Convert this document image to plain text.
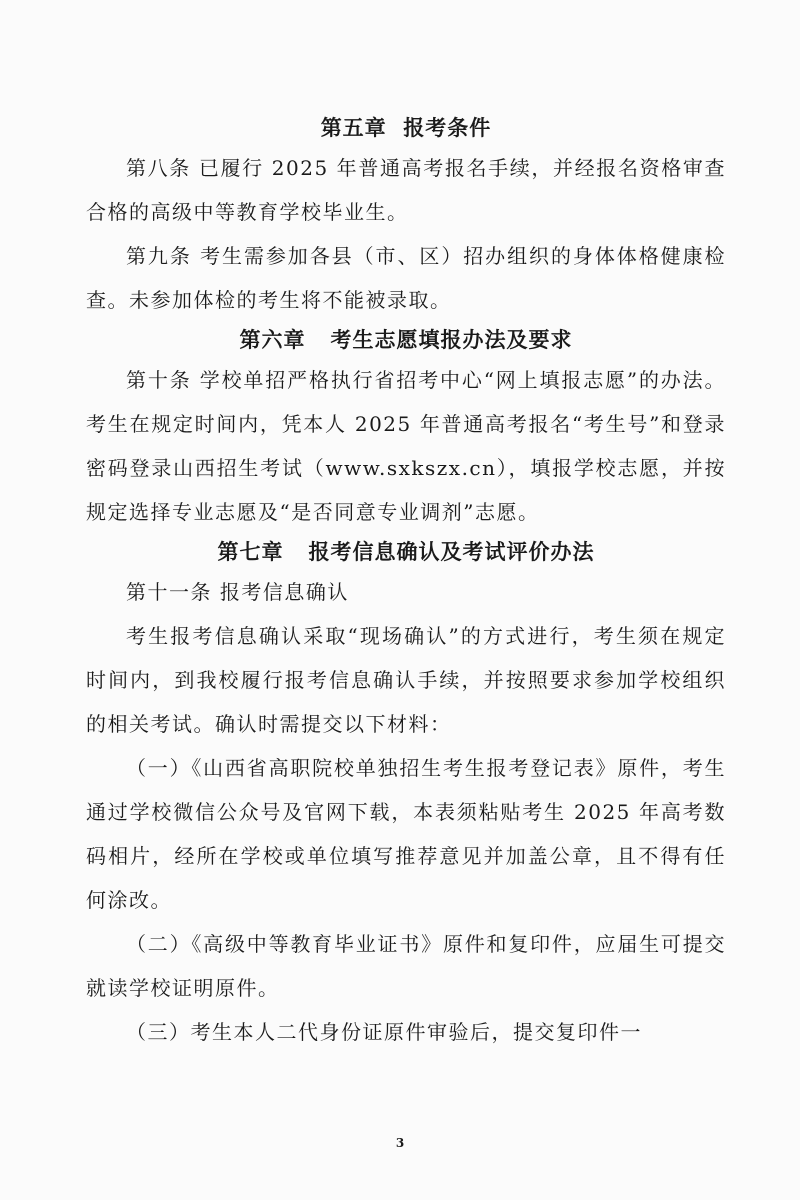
第五章  报考条件

第八条 已履行 2025 年普通高考报名手续，并经报名资格审查合格的高级中等教育学校毕业生。

第九条 考生需参加各县（市、区）招办组织的身体体格健康检查。未参加体检的考生将不能被录取。

第六章   考生志愿填报办法及要求

第十条 学校单招严格执行省招考中心“网上填报志愿”的办法。考生在规定时间内，凭本人 2025 年普通高考报名“考生号”和登录密码登录山西招生考试（www.sxkszx.cn），填报学校志愿，并按规定选择专业志愿及“是否同意专业调剂”志愿。

第七章   报考信息确认及考试评价办法

第十一条 报考信息确认

考生报考信息确认采取“现场确认”的方式进行，考生须在规定时间内，到我校履行报考信息确认手续，并按照要求参加学校组织的相关考试。确认时需提交以下材料：

（一）《山西省高职院校单独招生考生报考登记表》原件，考生通过学校微信公众号及官网下载，本表须粘贴考生 2025 年高考数码相片，经所在学校或单位填写推荐意见并加盖公章，且不得有任何涂改。

（二）《高级中等教育毕业证书》原件和复印件，应届生可提交就读学校证明原件。

（三）考生本人二代身份证原件审验后，提交复印件一

3
